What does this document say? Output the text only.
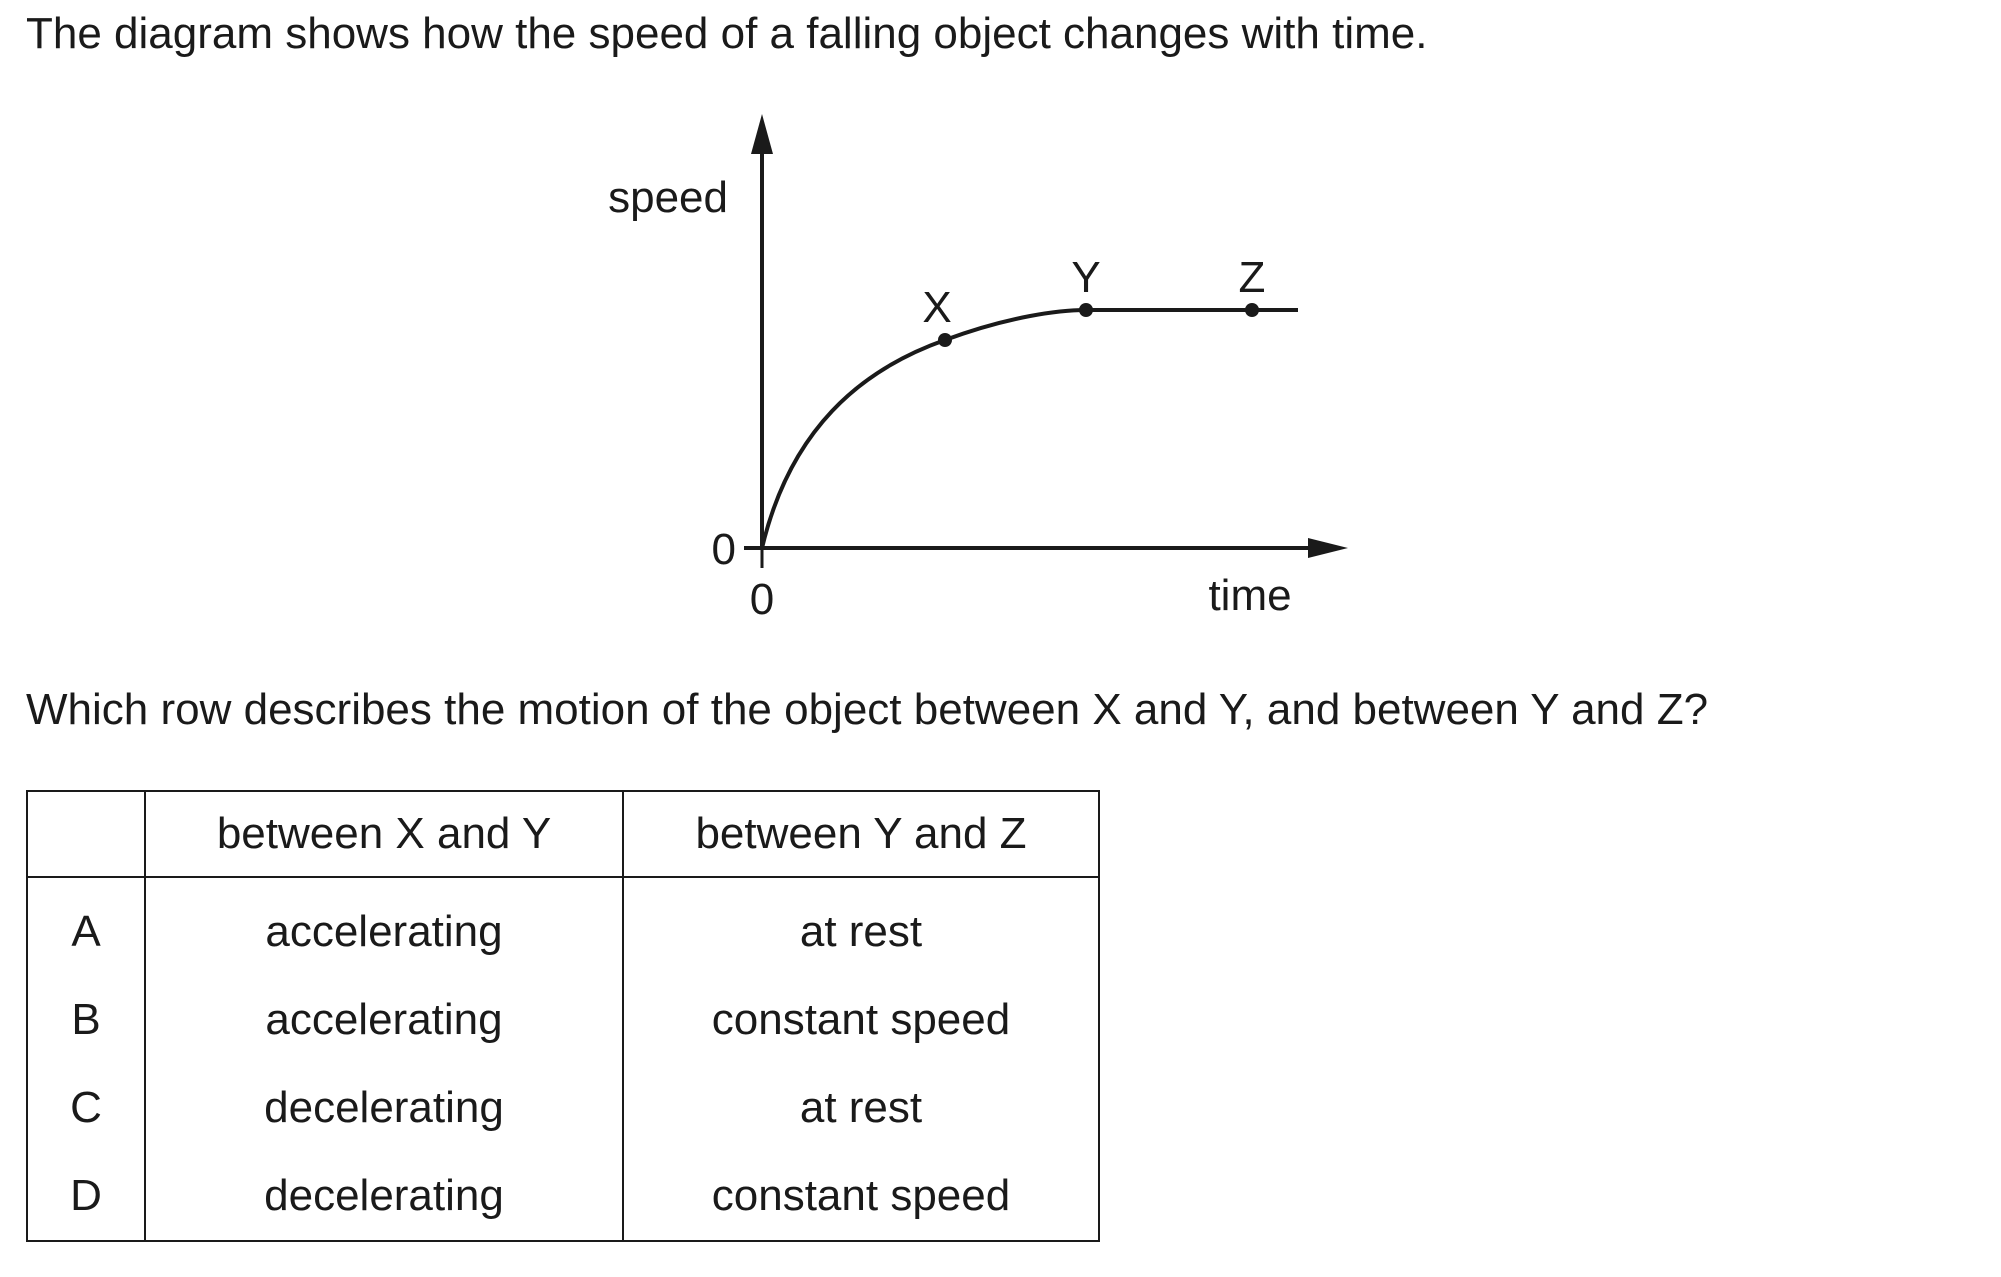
The diagram shows how the speed of a falling object changes with time.

speed
time
0
0
X
Y	Z

Which row describes the motion of the object between X and Y, and between Y and Z?

	between X and Y	between Y and Z
A	accelerating	at rest
B	accelerating	constant speed
C	decelerating	at rest
D	decelerating	constant speed
